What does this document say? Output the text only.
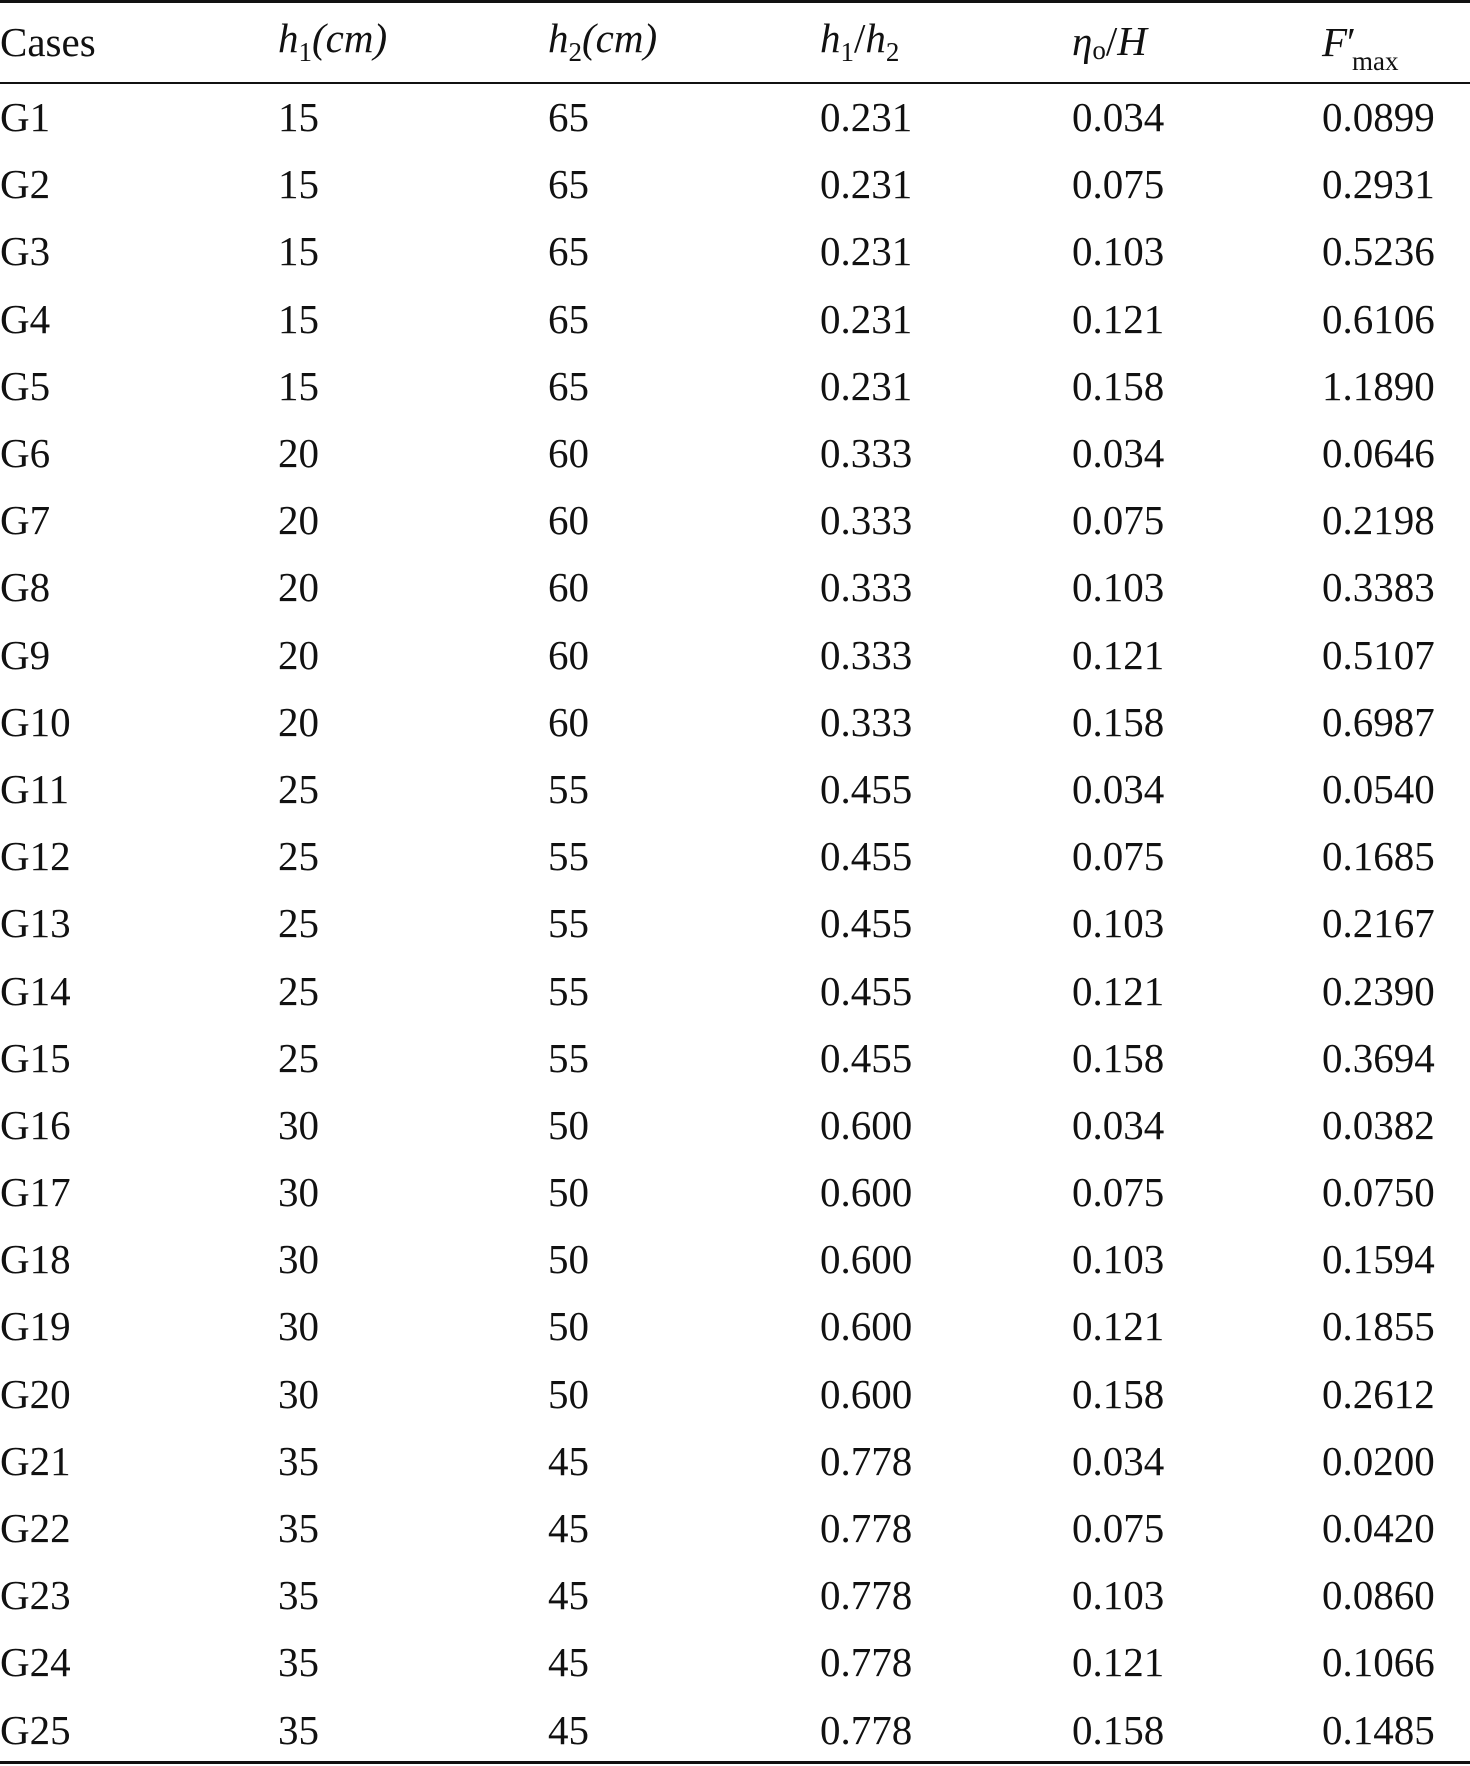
Cases	$h_1(cm)$	$h_2(cm)$	$h_1/h_2$	ηo/H	$F'_{max}$
G1	15	65	0.231	0.034	0.0899
G2	15	65	0.231	0.075	0.2931
G3	15	65	0.231	0.103	0.5236
G4	15	65	0.231	0.121	0.6106
G5	15	65	0.231	0.158	1.1890
G6	20	60	0.333	0.034	0.0646
G7	20	60	0.333	0.075	0.2198
G8	20	60	0.333	0.103	0.3383
G9	20	60	0.333	0.121	0.5107
G10	20	60	0.333	0.158	0.6987
G11	25	55	0.455	0.034	0.0540
G12	25	55	0.455	0.075	0.1685
G13	25	55	0.455	0.103	0.2167
G14	25	55	0.455	0.121	0.2390
G15	25	55	0.455	0.158	0.3694
G16	30	50	0.600	0.034	0.0382
G17	30	50	0.600	0.075	0.0750
G18	30	50	0.600	0.103	0.1594
G19	30	50	0.600	0.121	0.1855
G20	30	50	0.600	0.158	0.2612
G21	35	45	0.778	0.034	0.0200
G22	35	45	0.778	0.075	0.0420
G23	35	45	0.778	0.103	0.0860
G24	35	45	0.778	0.121	0.1066
G25	35	45	0.778	0.158	0.1485
